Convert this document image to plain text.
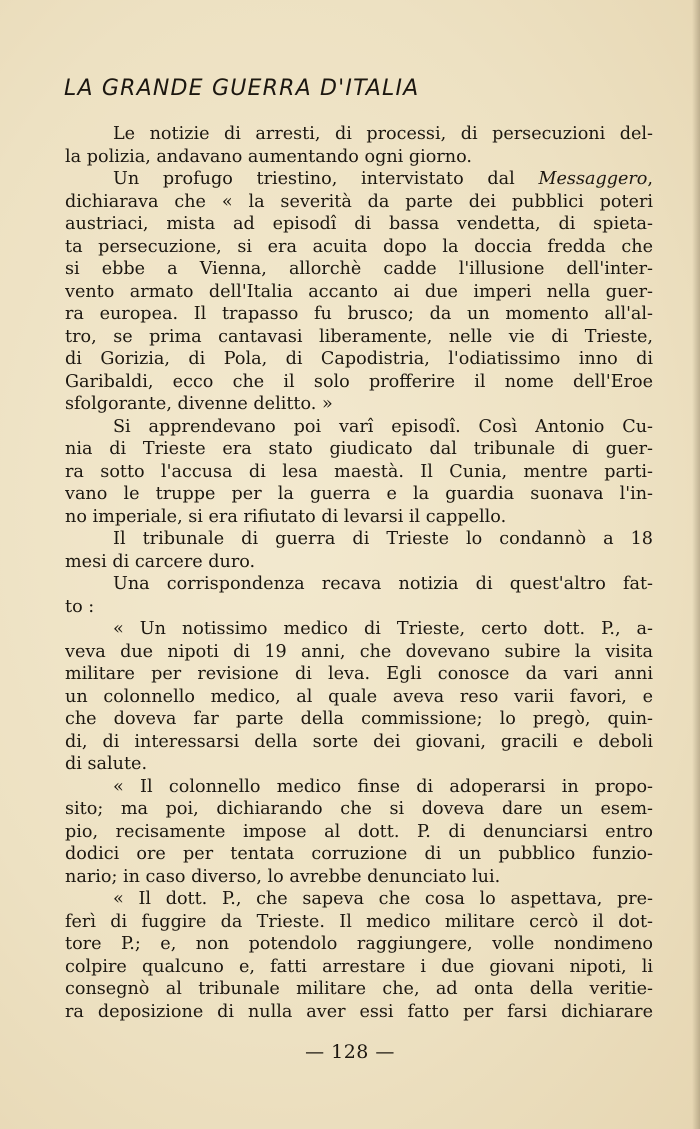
LA GRANDE GUERRA D'ITALIA
Le notizie di arresti, di processi, di persecuzioni del-
la polizia, andavano aumentando ogni giorno.
Un profugo triestino, intervistato dal Messaggero,
dichiarava che « la severità da parte dei pubblici poteri
austriaci, mista ad episodî di bassa vendetta, di spieta-
ta persecuzione, si era acuita dopo la doccia fredda che
si ebbe a Vienna, allorchè cadde l'illusione dell'inter-
vento armato dell'Italia accanto ai due imperi nella guer-
ra europea. Il trapasso fu brusco; da un momento all'al-
tro, se prima cantavasi liberamente, nelle vie di Trieste,
di Gorizia, di Pola, di Capodistria, l'odiatissimo inno di
Garibaldi, ecco che il solo profferire il nome dell'Eroe
sfolgorante, divenne delitto. »
Si apprendevano poi varî episodî. Così Antonio Cu-
nia di Trieste era stato giudicato dal tribunale di guer-
ra sotto l'accusa di lesa maestà. Il Cunia, mentre parti-
vano le truppe per la guerra e la guardia suonava l'in-
no imperiale, si era rifiutato di levarsi il cappello.
Il tribunale di guerra di Trieste lo condannò a 18
mesi di carcere duro.
Una corrispondenza recava notizia di quest'altro fat-
to :
« Un notissimo medico di Trieste, certo dott. P., a-
veva due nipoti di 19 anni, che dovevano subire la visita
militare per revisione di leva. Egli conosce da vari anni
un colonnello medico, al quale aveva reso varii favori, e
che doveva far parte della commissione; lo pregò, quin-
di, di interessarsi della sorte dei giovani, gracili e deboli
di salute.
« Il colonnello medico finse di adoperarsi in propo-
sito; ma poi, dichiarando che si doveva dare un esem-
pio, recisamente impose al dott. P. di denunciarsi entro
dodici ore per tentata corruzione di un pubblico funzio-
nario; in caso diverso, lo avrebbe denunciato lui.
« Il dott. P., che sapeva che cosa lo aspettava, pre-
ferì di fuggire da Trieste. Il medico militare cercò il dot-
tore P.; e, non potendolo raggiungere, volle nondimeno
colpire qualcuno e, fatti arrestare i due giovani nipoti, li
consegnò al tribunale militare che, ad onta della veritie-
ra deposizione di nulla aver essi fatto per farsi dichiarare
— 128 —
